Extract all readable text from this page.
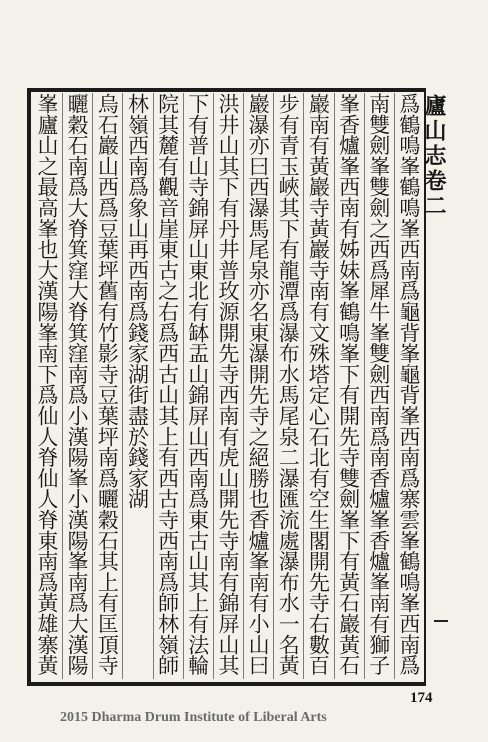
廬山志卷二
爲鶴鳴峯鶴鳴峯西南爲龜背峯龜背峯西南爲寨雲峯鶴鳴峯西南爲
南雙劍峯雙劍之西爲犀牛峯雙劍西南爲南香爐峯香爐峯南有獅子
峯香爐峯西南有姊妹峯鶴鳴峯下有開先寺雙劍峯下有黃石巖黃石
巖南有黃巖寺黃巖寺南有文殊塔定心石北有空生閣開先寺右數百
步有青玉峽其下有龍潭爲瀑布水馬尾泉二瀑匯流處瀑布水一名黃
巖瀑亦曰西瀑馬尾泉亦名東瀑開先寺之絕勝也香爐峯南有小山曰
洪井山其下有丹井普玫源開先寺西南有虎山開先寺南有錦屏山其
下有普山寺錦屏山東北有缽盂山錦屏山西南爲東古山其上有法輪
院其麓有觀音崖東古之右爲西古山其上有西古寺西南爲師林嶺師
林嶺西南爲象山再西南爲錢家湖街盡於錢家湖
烏石巖山西爲豆葉坪舊有竹影寺豆葉坪南爲曬穀石其上有匡頂寺
曬穀石南爲大脊箕窪大脊箕窪南爲小漢陽峯小漢陽峯南爲大漢陽
峯廬山之最高峯也大漢陽峯南下爲仙人脊仙人脊東南爲黃雄寨黃
174
2015 Dharma Drum Institute of Liberal Arts
